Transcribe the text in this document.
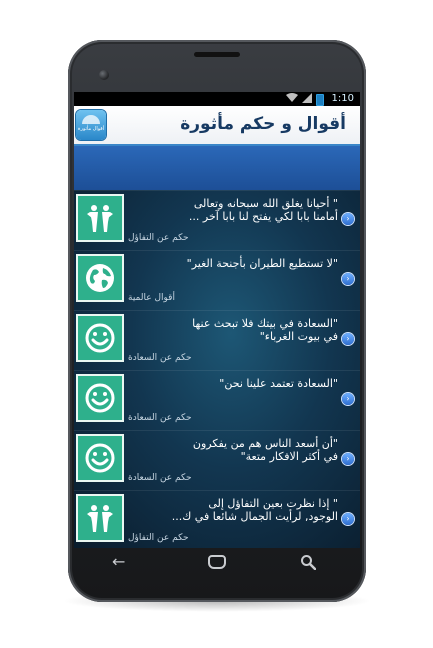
1:10
أقوال مأثورة	أقوال و حكم مأثورة
" أحيانا يغلق الله سبحانه وتعالى
أمامنا بابا لكي يفتح لنا بابا آخر ...
حكم عن التفاؤل
›
"لا تستطيع الطيران بأجنحة الغير"
أقوال عالمية
›
"السعادة في بيتك فلا تبحث عنها
في بيوت الغرباء"
حكم عن السعادة
›
"السعادة تعتمد علينا نحن"
حكم عن السعادة
›
"أن أسعد الناس هم من يفكرون
في أكثر الافكار متعة"
حكم عن السعادة
›
" إذا نظرت بعين التفاؤل إلى
الوجود, لرأيت الجمال شائعا في ك...
حكم عن التفاؤل
›
←
